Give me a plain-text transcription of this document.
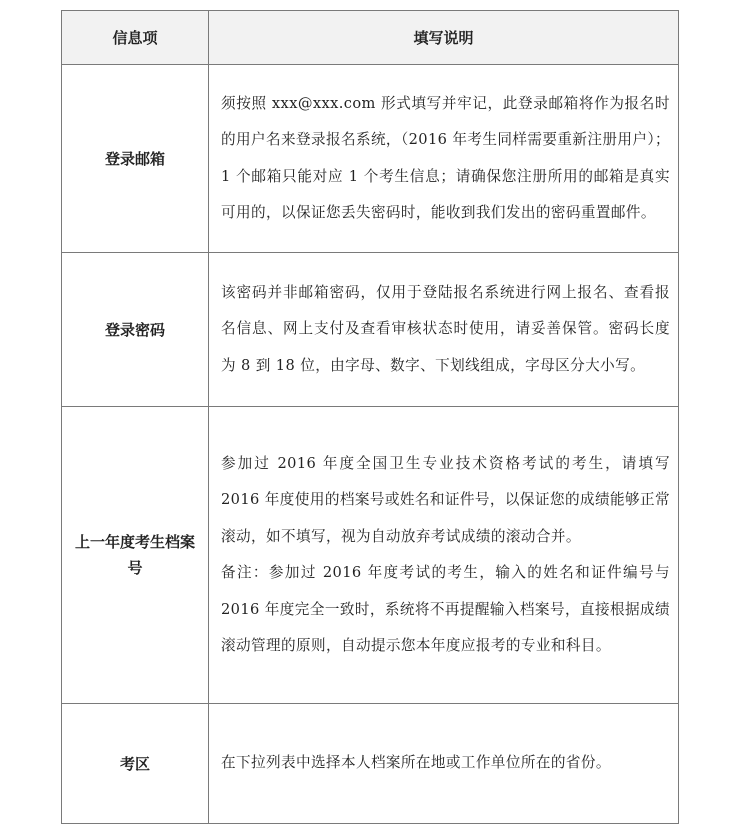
信息项	填写说明
登录邮箱	须按照 xxx@xxx.com 形式填写并牢记，此登录邮箱将作为报名时的用户名来登录报名系统，（2016 年考生同样需要重新注册用户）；1 个邮箱只能对应 1 个考生信息；请确保您注册所用的邮箱是真实可用的，以保证您丢失密码时，能收到我们发出的密码重置邮件。

登录密码	该密码并非邮箱密码，仅用于登陆报名系统进行网上报名、查看报名信息、网上支付及查看审核状态时使用，请妥善保管。密码长度为 8 到 18 位，由字母、数字、下划线组成，字母区分大小写。

上一年度考生档案号	参加过 2016 年度全国卫生专业技术资格考试的考生，请填写 2016 年度使用的档案号或姓名和证件号，以保证您的成绩能够正常滚动，如不填写，视为自动放弃考试成绩的滚动合并。

备注：参加过 2016 年度考试的考生，输入的姓名和证件编号与 2016 年度完全一致时，系统将不再提醒输入档案号，直接根据成绩滚动管理的原则，自动提示您本年度应报考的专业和科目。

考区	在下拉列表中选择本人档案所在地或工作单位所在的省份。
